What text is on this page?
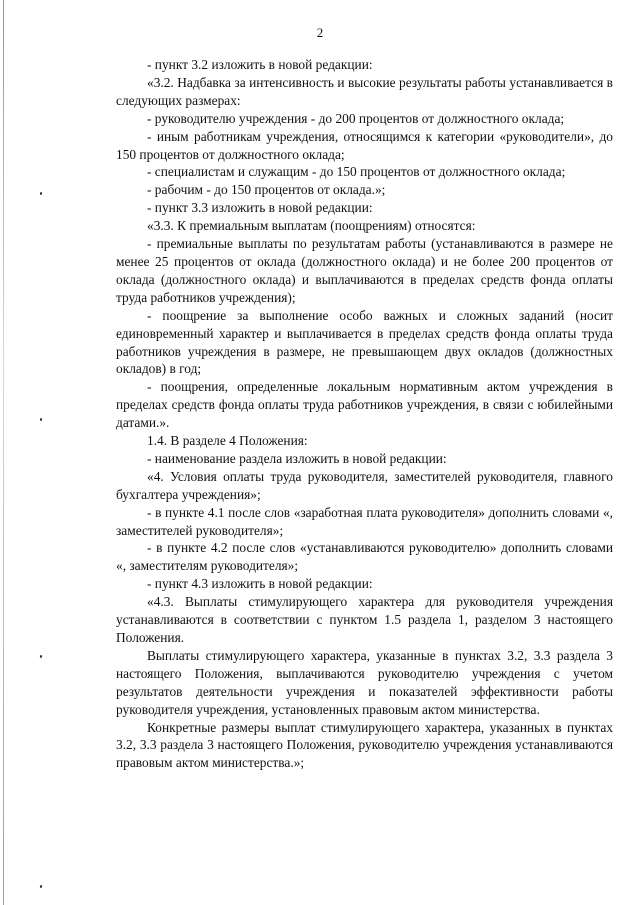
2

- пункт 3.2 изложить в новой редакции:

«3.2. Надбавка за интенсивность и высокие результаты работы устанавливается в следующих размерах:

- руководителю учреждения - до 200 процентов от должностного оклада;

- иным работникам учреждения, относящимся к категории «руководители», до 150 процентов от должностного оклада;

- специалистам и служащим - до 150 процентов от должностного оклада;

- рабочим - до 150 процентов от оклада.»;

- пункт 3.3 изложить в новой редакции:

«3.3. К премиальным выплатам (поощрениям) относятся:

- премиальные выплаты по результатам работы (устанавливаются в размере не менее 25 процентов от оклада (должностного оклада) и не более 200 процентов от оклада (должностного оклада) и выплачиваются в пределах средств фонда оплаты труда работников учреждения);

- поощрение за выполнение особо важных и сложных заданий (носит единовременный характер и выплачивается в пределах средств фонда оплаты труда работников учреждения в размере, не превышающем двух окладов (должностных окладов) в год;

- поощрения, определенные локальным нормативным актом учреждения в пределах средств фонда оплаты труда работников учреждения, в связи с юбилейными датами.».

1.4. В разделе 4 Положения:

- наименование раздела изложить в новой редакции:

«4. Условия оплаты труда руководителя, заместителей руководителя, главного бухгалтера учреждения»;

- в пункте 4.1 после слов «заработная плата руководителя» дополнить словами «, заместителей руководителя»;

- в пункте 4.2 после слов «устанавливаются руководителю» дополнить словами «, заместителям руководителя»;

- пункт 4.3 изложить в новой редакции:

«4.3. Выплаты стимулирующего характера для руководителя учреждения устанавливаются в соответствии с пунктом 1.5 раздела 1, разделом 3 настоящего Положения.

Выплаты стимулирующего характера, указанные в пунктах 3.2, 3.3 раздела 3 настоящего Положения, выплачиваются руководителю учреждения с учетом результатов деятельности учреждения и показателей эффективности работы руководителя учреждения, установленных правовым актом министерства.

Конкретные размеры выплат стимулирующего характера, указанных в пунктах 3.2, 3.3 раздела 3 настоящего Положения, руководителю учреждения устанавливаются правовым актом министерства.»;
